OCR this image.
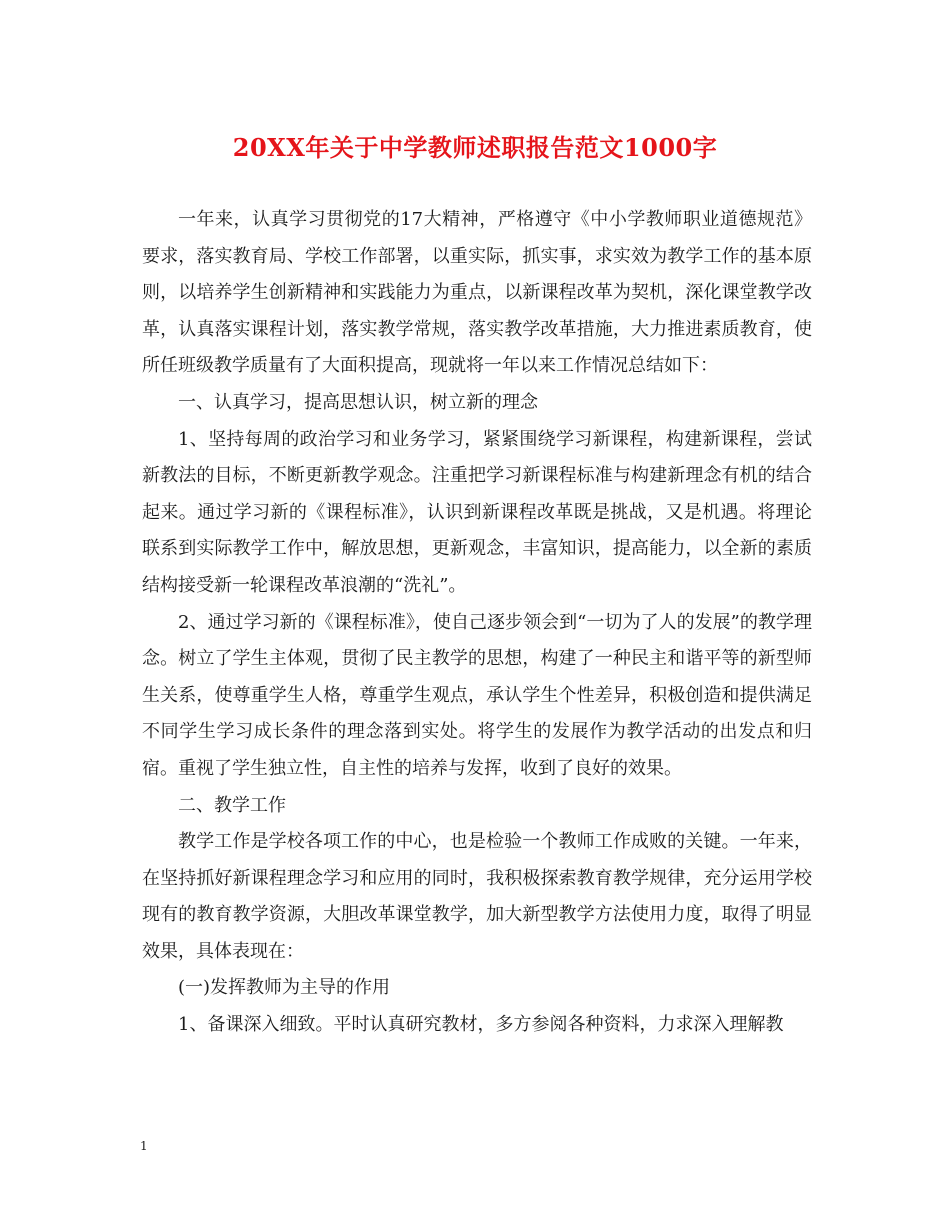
20XX年关于中学教师述职报告范文1000字

一年来，认真学习贯彻党的17大精神，严格遵守《中小学教师职业道德规范》要求，落实教育局、学校工作部署，以重实际，抓实事，求实效为教学工作的基本原则，以培养学生创新精神和实践能力为重点，以新课程改革为契机，深化课堂教学改革，认真落实课程计划，落实教学常规，落实教学改革措施，大力推进素质教育，使所任班级教学质量有了大面积提高，现就将一年以来工作情况总结如下：

一、认真学习，提高思想认识，树立新的理念

1、坚持每周的政治学习和业务学习，紧紧围绕学习新课程，构建新课程，尝试新教法的目标，不断更新教学观念。注重把学习新课程标准与构建新理念有机的结合起来。通过学习新的《课程标准》，认识到新课程改革既是挑战，又是机遇。将理论联系到实际教学工作中，解放思想，更新观念，丰富知识，提高能力，以全新的素质结构接受新一轮课程改革浪潮的“洗礼”。

2、通过学习新的《课程标准》，使自己逐步领会到“一切为了人的发展”的教学理念。树立了学生主体观，贯彻了民主教学的思想，构建了一种民主和谐平等的新型师生关系，使尊重学生人格，尊重学生观点，承认学生个性差异，积极创造和提供满足不同学生学习成长条件的理念落到实处。将学生的发展作为教学活动的出发点和归宿。重视了学生独立性，自主性的培养与发挥，收到了良好的效果。

二、教学工作

教学工作是学校各项工作的中心，也是检验一个教师工作成败的关键。一年来，在坚持抓好新课程理念学习和应用的同时，我积极探索教育教学规律，充分运用学校现有的教育教学资源，大胆改革课堂教学，加大新型教学方法使用力度，取得了明显效果，具体表现在：

(一)发挥教师为主导的作用

1、备课深入细致。平时认真研究教材，多方参阅各种资料，力求深入理解教

1
